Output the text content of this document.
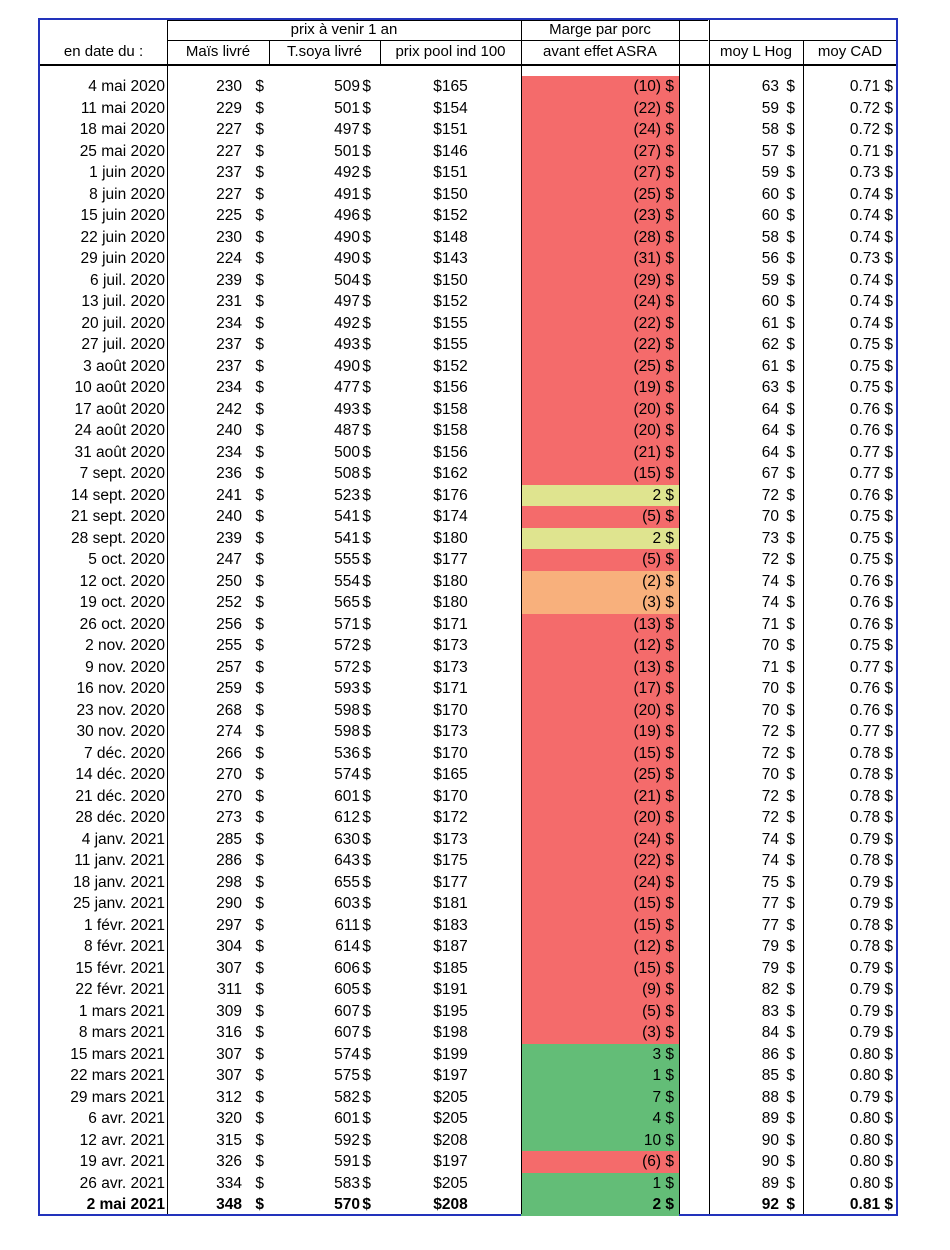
prix à venir 1 an	Marge par porc
en date du :	Maïs livré	T.soya livré	prix pool ind 100	avant effet ASRA	moy L Hog	moy CAD
4 mai 2020	230 $	509 $	$165	(10) $	63 $	0.71 $
11 mai 2020	229 $	501 $	$154	(22) $	59 $	0.72 $
18 mai 2020	227 $	497 $	$151	(24) $	58 $	0.72 $
25 mai 2020	227 $	501 $	$146	(27) $	57 $	0.71 $
1 juin 2020	237 $	492 $	$151	(27) $	59 $	0.73 $
8 juin 2020	227 $	491 $	$150	(25) $	60 $	0.74 $
15 juin 2020	225 $	496 $	$152	(23) $	60 $	0.74 $
22 juin 2020	230 $	490 $	$148	(28) $	58 $	0.74 $
29 juin 2020	224 $	490 $	$143	(31) $	56 $	0.73 $
6 juil. 2020	239 $	504 $	$150	(29) $	59 $	0.74 $
13 juil. 2020	231 $	497 $	$152	(24) $	60 $	0.74 $
20 juil. 2020	234 $	492 $	$155	(22) $	61 $	0.74 $
27 juil. 2020	237 $	493 $	$155	(22) $	62 $	0.75 $
3 août 2020	237 $	490 $	$152	(25) $	61 $	0.75 $
10 août 2020	234 $	477 $	$156	(19) $	63 $	0.75 $
17 août 2020	242 $	493 $	$158	(20) $	64 $	0.76 $
24 août 2020	240 $	487 $	$158	(20) $	64 $	0.76 $
31 août 2020	234 $	500 $	$156	(21) $	64 $	0.77 $
7 sept. 2020	236 $	508 $	$162	(15) $	67 $	0.77 $
14 sept. 2020	241 $	523 $	$176	2 $	72 $	0.76 $
21 sept. 2020	240 $	541 $	$174	(5) $	70 $	0.75 $
28 sept. 2020	239 $	541 $	$180	2 $	73 $	0.75 $
5 oct. 2020	247 $	555 $	$177	(5) $	72 $	0.75 $
12 oct. 2020	250 $	554 $	$180	(2) $	74 $	0.76 $
19 oct. 2020	252 $	565 $	$180	(3) $	74 $	0.76 $
26 oct. 2020	256 $	571 $	$171	(13) $	71 $	0.76 $
2 nov. 2020	255 $	572 $	$173	(12) $	70 $	0.75 $
9 nov. 2020	257 $	572 $	$173	(13) $	71 $	0.77 $
16 nov. 2020	259 $	593 $	$171	(17) $	70 $	0.76 $
23 nov. 2020	268 $	598 $	$170	(20) $	70 $	0.76 $
30 nov. 2020	274 $	598 $	$173	(19) $	72 $	0.77 $
7 déc. 2020	266 $	536 $	$170	(15) $	72 $	0.78 $
14 déc. 2020	270 $	574 $	$165	(25) $	70 $	0.78 $
21 déc. 2020	270 $	601 $	$170	(21) $	72 $	0.78 $
28 déc. 2020	273 $	612 $	$172	(20) $	72 $	0.78 $
4 janv. 2021	285 $	630 $	$173	(24) $	74 $	0.79 $
11 janv. 2021	286 $	643 $	$175	(22) $	74 $	0.78 $
18 janv. 2021	298 $	655 $	$177	(24) $	75 $	0.79 $
25 janv. 2021	290 $	603 $	$181	(15) $	77 $	0.79 $
1 févr. 2021	297 $	611 $	$183	(15) $	77 $	0.78 $
8 févr. 2021	304 $	614 $	$187	(12) $	79 $	0.78 $
15 févr. 2021	307 $	606 $	$185	(15) $	79 $	0.79 $
22 févr. 2021	311 $	605 $	$191	(9) $	82 $	0.79 $
1 mars 2021	309 $	607 $	$195	(5) $	83 $	0.79 $
8 mars 2021	316 $	607 $	$198	(3) $	84 $	0.79 $
15 mars 2021	307 $	574 $	$199	3 $	86 $	0.80 $
22 mars 2021	307 $	575 $	$197	1 $	85 $	0.80 $
29 mars 2021	312 $	582 $	$205	7 $	88 $	0.79 $
6 avr. 2021	320 $	601 $	$205	4 $	89 $	0.80 $
12 avr. 2021	315 $	592 $	$208	10 $	90 $	0.80 $
19 avr. 2021	326 $	591 $	$197	(6) $	90 $	0.80 $
26 avr. 2021	334 $	583 $	$205	1 $	89 $	0.80 $
2 mai 2021	348 $	570 $	$208	2 $	92 $	0.81 $
